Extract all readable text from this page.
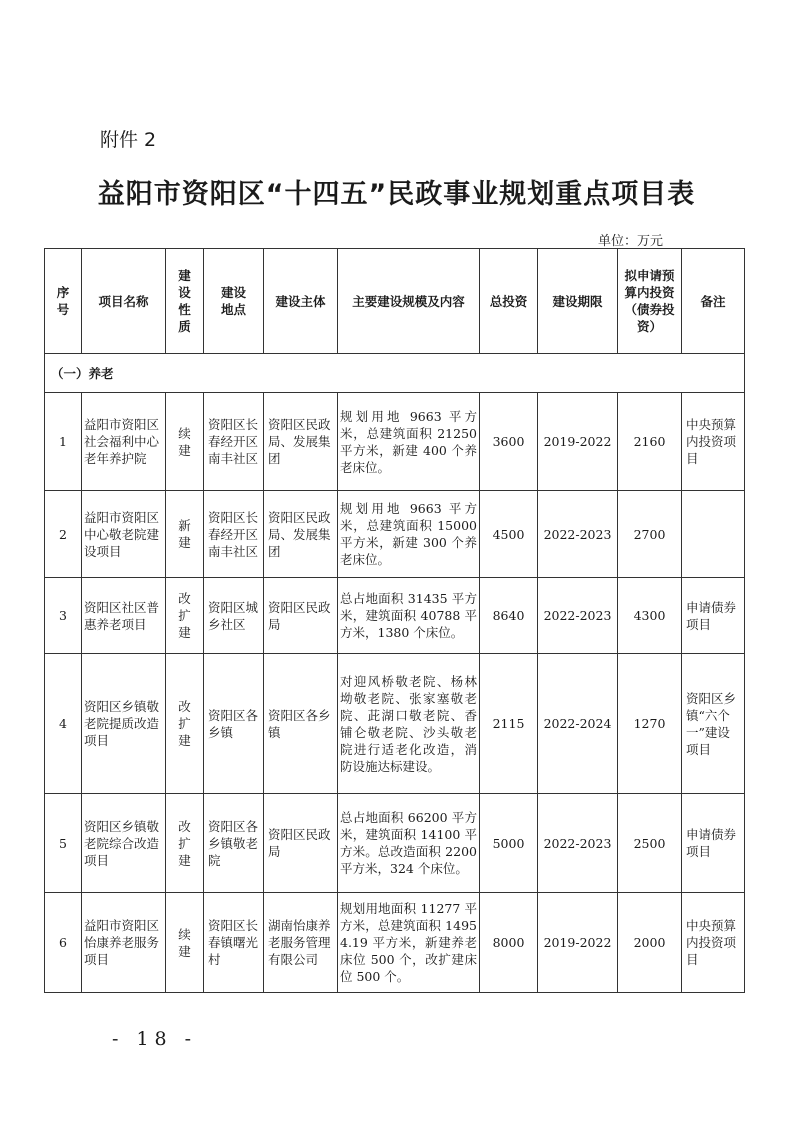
附件 2
益阳市资阳区“十四五”民政事业规划重点项目表
单位：万元
序号	项目名称	建设性质	建设地点	建设主体	主要建设规模及内容	总投资	建设期限	拟申请预算内投资（债券投资）	备注
（一）养老									
1	益阳市资阳区社会福利中心老年养护院	续建	资阳区长春经开区南丰社区	资阳区民政局、发展集团	规划用地 9663 平方米，总建筑面积 21250 平方米，新建 400 个养老床位。	3600	2019-2022	2160	中央预算内投资项目
2	益阳市资阳区中心敬老院建设项目	新建	资阳区长春经开区南丰社区	资阳区民政局、发展集团	规划用地 9663 平方米，总建筑面积 15000 平方米，新建 300 个养老床位。	4500	2022-2023	2700	
3	资阳区社区普惠养老项目	改扩建	资阳区城乡社区	资阳区民政局	总占地面积 31435 平方米，建筑面积 40788 平方米，1380 个床位。	8640	2022-2023	4300	申请债券项目
4	资阳区乡镇敬老院提质改造项目	改扩建	资阳区各乡镇	资阳区各乡镇	对迎风桥敬老院、杨林坳敬老院、张家塞敬老院、茈湖口敬老院、香铺仑敬老院、沙头敬老院进行适老化改造，消防设施达标建设。	2115	2022-2024	1270	资阳区乡镇“六个一”建设项目
5	资阳区乡镇敬老院综合改造项目	改扩建	资阳区各乡镇敬老院	资阳区民政局	总占地面积 66200 平方米，建筑面积 14100 平方米。总改造面积 2200 平方米，324 个床位。	5000	2022-2023	2500	申请债券项目
6	益阳市资阳区怡康养老服务项目	续建	资阳区长春镇曙光村	湖南怡康养老服务管理有限公司	规划用地面积 11277 平方米，总建筑面积 14954.19 平方米，新建养老床位 500 个，改扩建床位 500 个。	8000	2019-2022	2000	中央预算内投资项目
- 18 -
